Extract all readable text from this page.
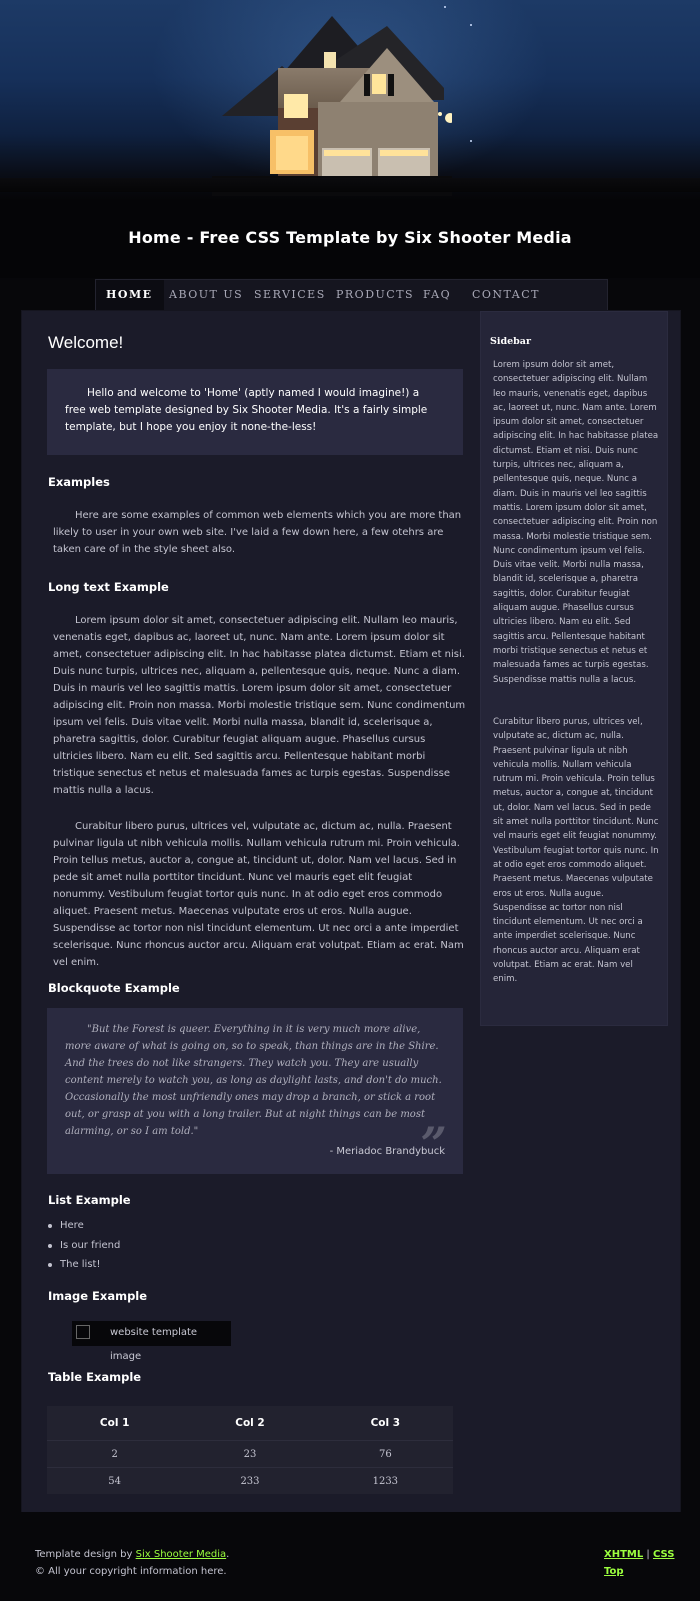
Home - Free CSS Template by Six Shooter Media
HOME	ABOUT US SERVICES PRODUCTS FAQ CONTACT
Welcome!

Hello and welcome to 'Home' (aptly named I would imagine!) a free web template designed by Six Shooter Media. It's a fairly simple template, but I hope you enjoy it none-the-less!

Examples

Here are some examples of common web elements which you are more than likely to user in your own web site. I've laid a few down here, a few otehrs are taken care of in the style sheet also.

Long text Example

Lorem ipsum dolor sit amet, consectetuer adipiscing elit. Nullam leo mauris, venenatis eget, dapibus ac, laoreet ut, nunc. Nam ante. Lorem ipsum dolor sit amet, consectetuer adipiscing elit. In hac habitasse platea dictumst. Etiam et nisi. Duis nunc turpis, ultrices nec, aliquam a, pellentesque quis, neque. Nunc a diam. Duis in mauris vel leo sagittis mattis. Lorem ipsum dolor sit amet, consectetuer adipiscing elit. Proin non massa. Morbi molestie tristique sem. Nunc condimentum ipsum vel felis. Duis vitae velit. Morbi nulla massa, blandit id, scelerisque a, pharetra sagittis, dolor. Curabitur feugiat aliquam augue. Phasellus cursus ultricies libero. Nam eu elit. Sed sagittis arcu. Pellentesque habitant morbi tristique senectus et netus et malesuada fames ac turpis egestas. Suspendisse mattis nulla a lacus.

Curabitur libero purus, ultrices vel, vulputate ac, dictum ac, nulla. Praesent pulvinar ligula ut nibh vehicula mollis. Nullam vehicula rutrum mi. Proin vehicula. Proin tellus metus, auctor a, congue at, tincidunt ut, dolor. Nam vel lacus. Sed in pede sit amet nulla porttitor tincidunt. Nunc vel mauris eget elit feugiat nonummy. Vestibulum feugiat tortor quis nunc. In at odio eget eros commodo aliquet. Praesent metus. Maecenas vulputate eros ut eros. Nulla augue. Suspendisse ac tortor non nisl tincidunt elementum. Ut nec orci a ante imperdiet scelerisque. Nunc rhoncus auctor arcu. Aliquam erat volutpat. Etiam ac erat. Nam vel enim.

Blockquote Example

"But the Forest is queer. Everything in it is very much more alive, more aware of what is going on, so to speak, than things are in the Shire. And the trees do not like strangers. They watch you. They are usually content merely to watch you, as long as daylight lasts, and don't do much. Occasionally the most unfriendly ones may drop a branch, or stick a root out, or grasp at you with a long trailer. But at night things can be most alarming, or so I am told."	”
- Meriadoc Brandybuck
List Example
Here
Is our friend
The list!
Image Example
website template image
Table Example
Col 1	Col 2	Col 3
2	23	76
54	233	1233
Sidebar

Lorem ipsum dolor sit amet, consectetuer adipiscing elit. Nullam leo mauris, venenatis eget, dapibus ac, laoreet ut, nunc. Nam ante. Lorem ipsum dolor sit amet, consectetuer adipiscing elit. In hac habitasse platea dictumst. Etiam et nisi. Duis nunc turpis, ultrices nec, aliquam a, pellentesque quis, neque. Nunc a diam. Duis in mauris vel leo sagittis mattis. Lorem ipsum dolor sit amet, consectetuer adipiscing elit. Proin non massa. Morbi molestie tristique sem. Nunc condimentum ipsum vel felis. Duis vitae velit. Morbi nulla massa, blandit id, scelerisque a, pharetra sagittis, dolor. Curabitur feugiat aliquam augue. Phasellus cursus ultricies libero. Nam eu elit. Sed sagittis arcu. Pellentesque habitant morbi tristique senectus et netus et malesuada fames ac turpis egestas. Suspendisse mattis nulla a lacus.

Curabitur libero purus, ultrices vel, vulputate ac, dictum ac, nulla. Praesent pulvinar ligula ut nibh vehicula mollis. Nullam vehicula rutrum mi. Proin vehicula. Proin tellus metus, auctor a, congue at, tincidunt ut, dolor. Nam vel lacus. Sed in pede sit amet nulla porttitor tincidunt. Nunc vel mauris eget elit feugiat nonummy. Vestibulum feugiat tortor quis nunc. In at odio eget eros commodo aliquet. Praesent metus. Maecenas vulputate eros ut eros. Nulla augue. Suspendisse ac tortor non nisl tincidunt elementum. Ut nec orci a ante imperdiet scelerisque. Nunc rhoncus auctor arcu. Aliquam erat volutpat. Etiam ac erat. Nam vel enim.

Template design by Six Shooter Media.
© All your copyright information here.
XHTML | CSS
Top
